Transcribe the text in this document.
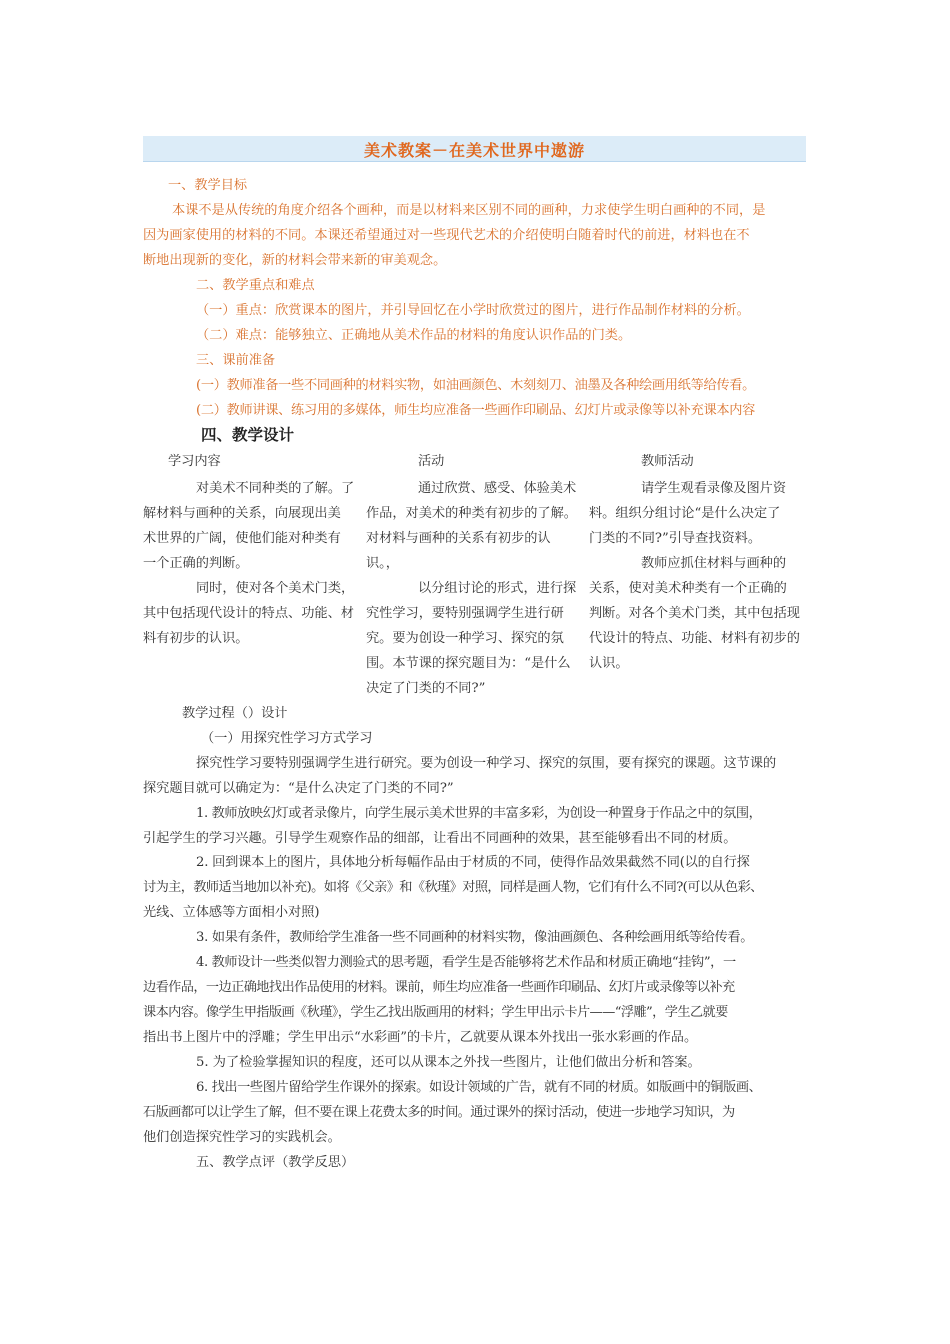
美术教案－在美术世界中遨游
一、教学目标
本课不是从传统的角度介绍各个画种，而是以材料来区别不同的画种，力求使学生明白画种的不同，是
因为画家使用的材料的不同。本课还希望通过对一些现代艺术的介绍使明白随着时代的前进，材料也在不
断地出现新的变化，新的材料会带来新的审美观念。
二、教学重点和难点
（一）重点：欣赏课本的图片，并引导回忆在小学时欣赏过的图片，进行作品制作材料的分析。
（二）难点：能够独立、正确地从美术作品的材料的角度认识作品的门类。
三、课前准备
(一）教师准备一些不同画种的材料实物，如油画颜色、木刻刻刀、油墨及各种绘画用纸等给传看。
(二）教师讲课、练习用的多媒体，师生均应准备一些画作印刷品、幻灯片或录像等以补充课本内容
四、教学设计
学习内容	活动	教师活动
对美术不同种类的了解。了
解材料与画种的关系，向展现出美
术世界的广阔，使他们能对种类有
一个正确的判断。
同时，使对各个美术门类，
其中包括现代设计的特点、功能、材
料有初步的认识。
通过欣赏、感受、体验美术
作品，对美术的种类有初步的了解。
对材料与画种的关系有初步的认
识。，
以分组讨论的形式，进行探
究性学习，要特别强调学生进行研
究。要为创设一种学习、探究的氛
围。本节课的探究题目为：“是什么
决定了门类的不同?”
请学生观看录像及图片资
料。组织分组讨论“是什么决定了
门类的不同?”引导查找资料。
教师应抓住材料与画种的
关系，使对美术种类有一个正确的
判断。对各个美术门类，其中包括现
代设计的特点、功能、材料有初步的
认识。
教学过程（）设计
（一）用探究性学习方式学习
探究性学习要特别强调学生进行研究。要为创设一种学习、探究的氛围，要有探究的课题。这节课的
探究题目就可以确定为：“是什么决定了门类的不同?”
1. 教师放映幻灯或者录像片，向学生展示美术世界的丰富多彩，为创设一种置身于作品之中的氛围，
引起学生的学习兴趣。引导学生观察作品的细部，让看出不同画种的效果，甚至能够看出不同的材质。
2. 回到课本上的图片，具体地分析每幅作品由于材质的不同，使得作品效果截然不同(以的自行探
讨为主，教师适当地加以补充)。如将《父亲》和《秋瑾》对照，同样是画人物，它们有什么不同?(可以从色彩、
光线、立体感等方面相小对照)
3. 如果有条件，教师给学生准备一些不同画种的材料实物，像油画颜色、各种绘画用纸等给传看。
4. 教师设计一些类似智力测验式的思考题，看学生是否能够将艺术作品和材质正确地“挂钩”，一
边看作品，一边正确地找出作品使用的材料。课前，师生均应准备一些画作印刷品、幻灯片或录像等以补充
课本内容。像学生甲指版画《秋瑾》，学生乙找出版画用的材料；学生甲出示卡片——“浮雕”，学生乙就要
指出书上图片中的浮雕；学生甲出示“水彩画”的卡片，乙就要从课本外找出一张水彩画的作品。
5. 为了检验掌握知识的程度，还可以从课本之外找一些图片，让他们做出分析和答案。
6. 找出一些图片留给学生作课外的探索。如设计领域的广告，就有不同的材质。如版画中的铜版画、
石版画都可以让学生了解，但不要在课上花费太多的时间。通过课外的探讨活动，使进一步地学习知识，为
他们创造探究性学习的实践机会。
五、教学点评（教学反思）
